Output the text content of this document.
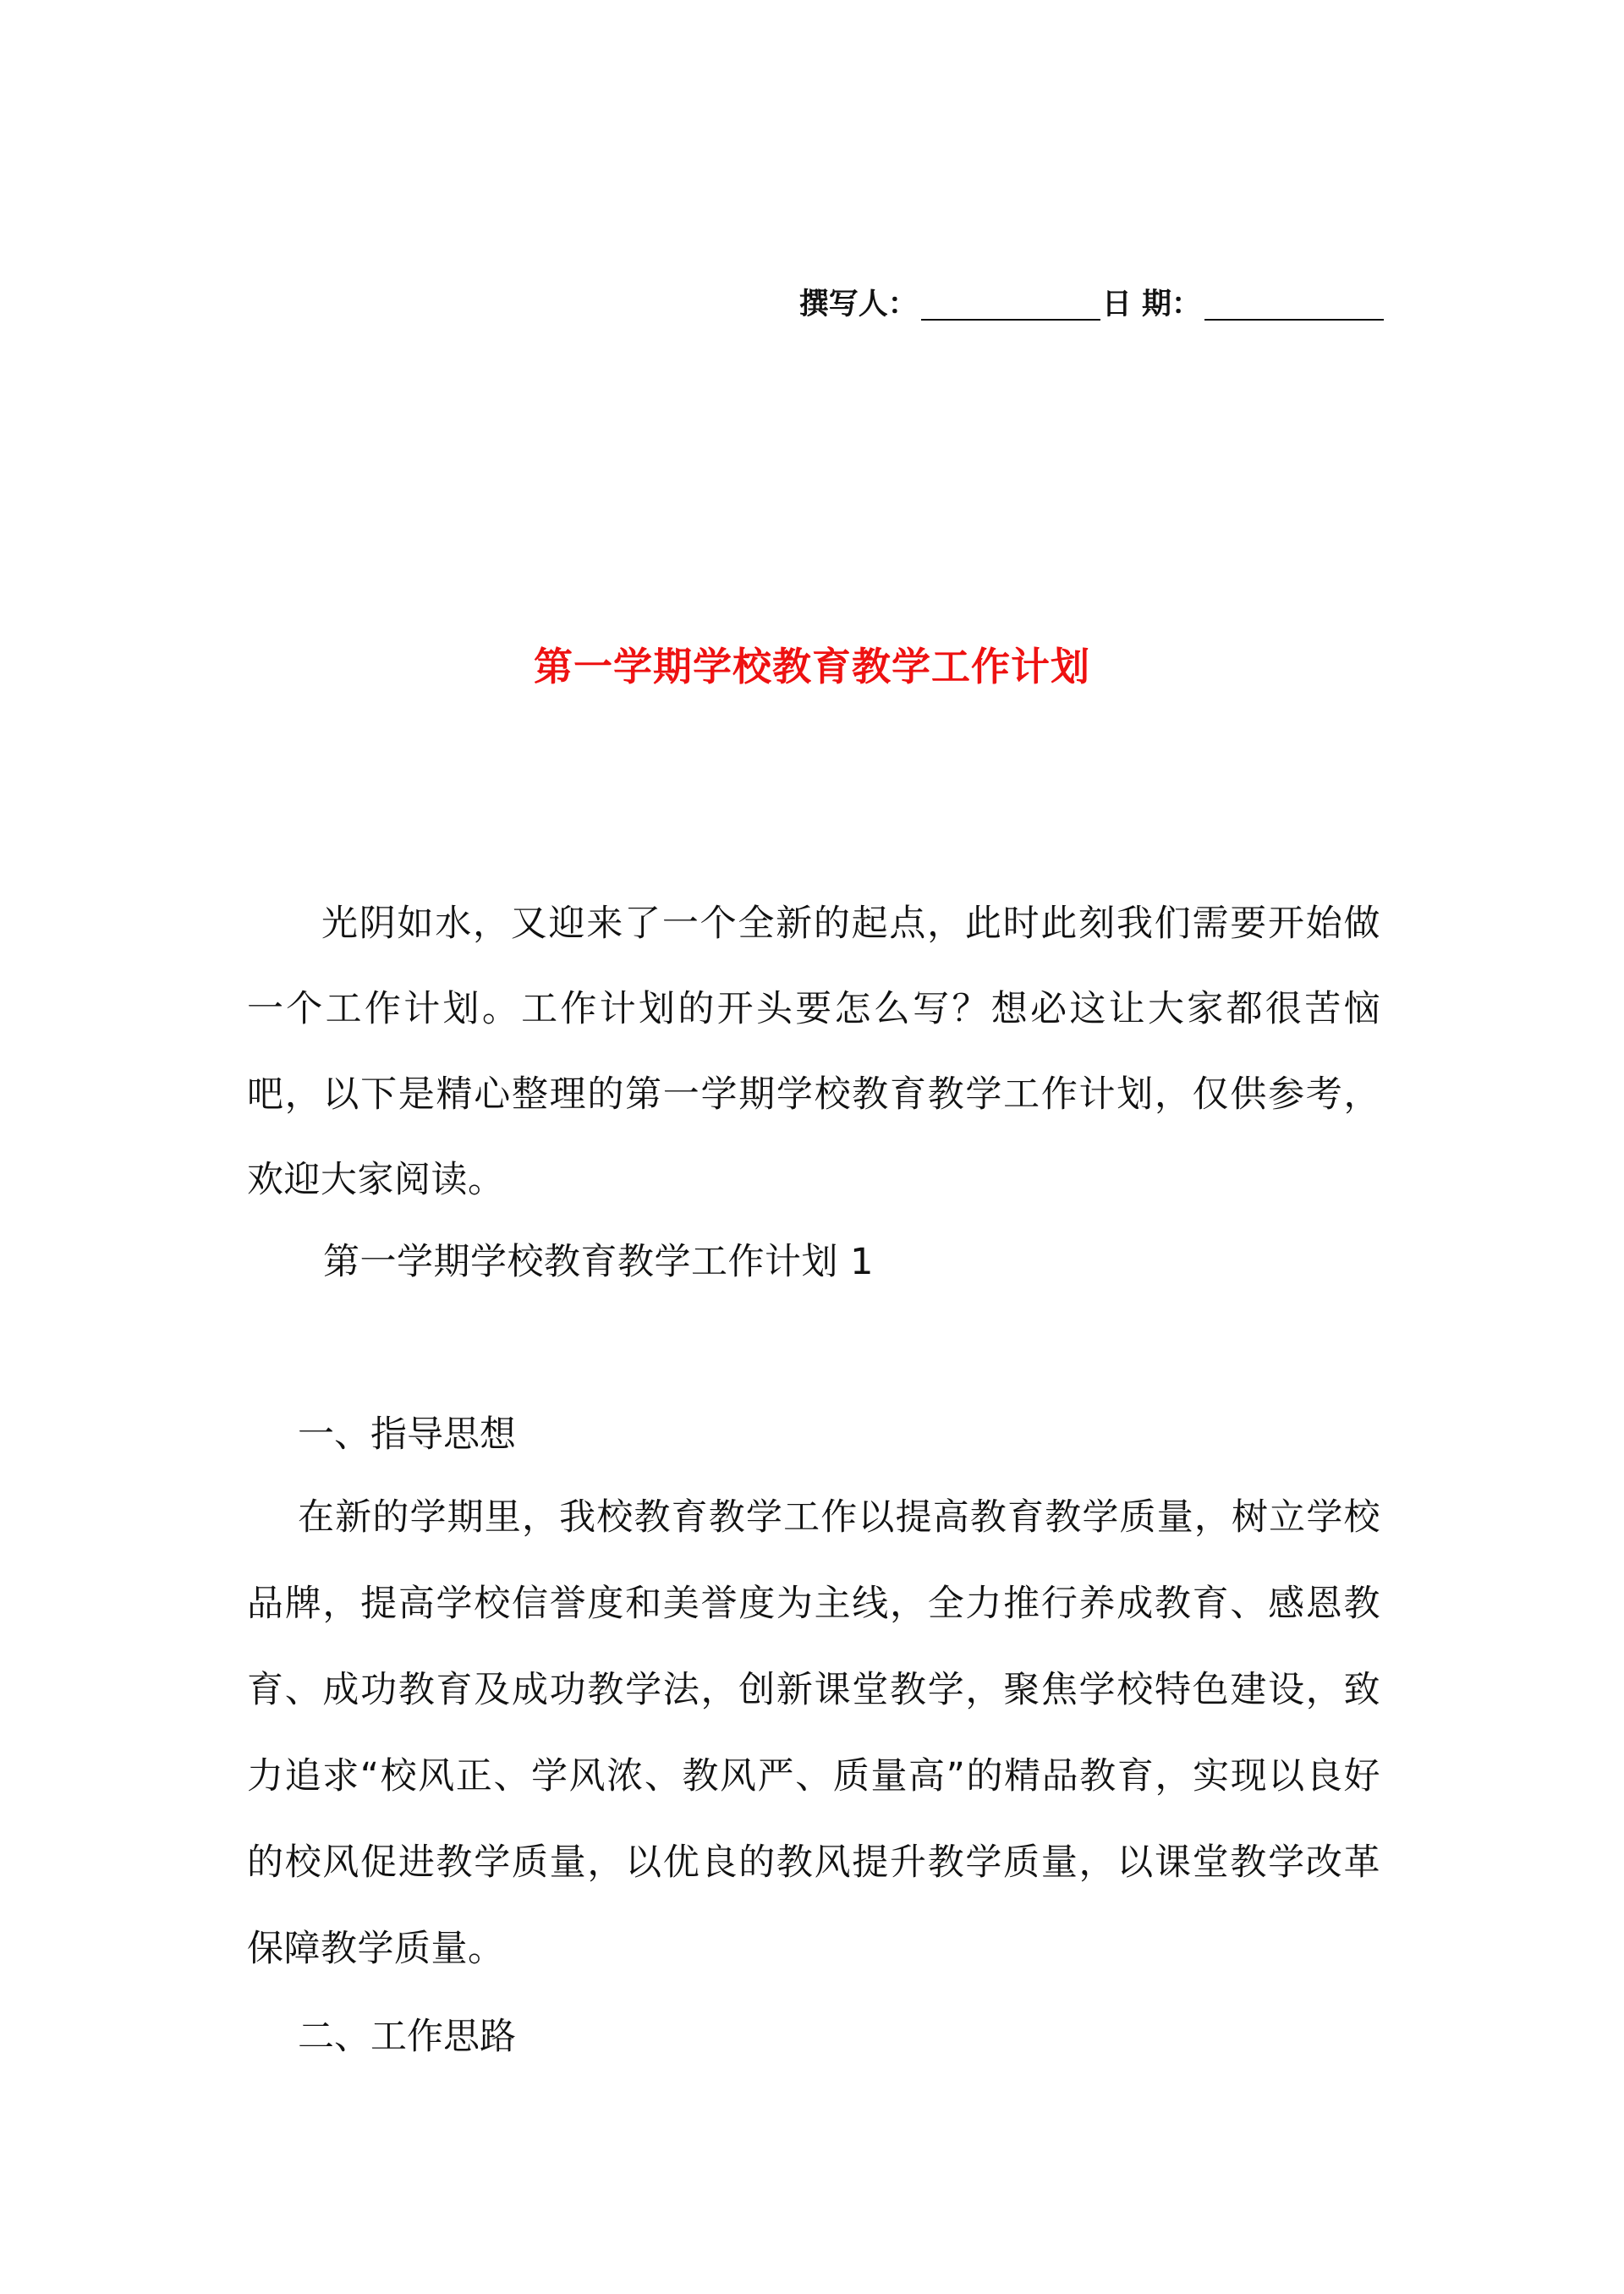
撰写人：	日 期：
第一学期学校教育教学工作计划
光阴如水，又迎来了一个全新的起点，此时此刻我们需要开始做一个工作计划。工作计划的开头要怎么写？想必这让大家都很苦恼吧，以下是精心整理的第一学期学校教育教学工作计划，仅供参考，欢迎大家阅读。
第一学期学校教育教学工作计划 1
一、指导思想
在新的学期里，我校教育教学工作以提高教育教学质量，树立学校品牌，提高学校信誉度和美誉度为主线，全力推行养成教育、感恩教育、成功教育及成功教学法，创新课堂教学，聚焦学校特色建设，致力追求“校风正、学风浓、教风严、质量高”的精品教育，实现以良好的校风促进教学质量，以优良的教风提升教学质量，以课堂教学改革保障教学质量。
二、工作思路
